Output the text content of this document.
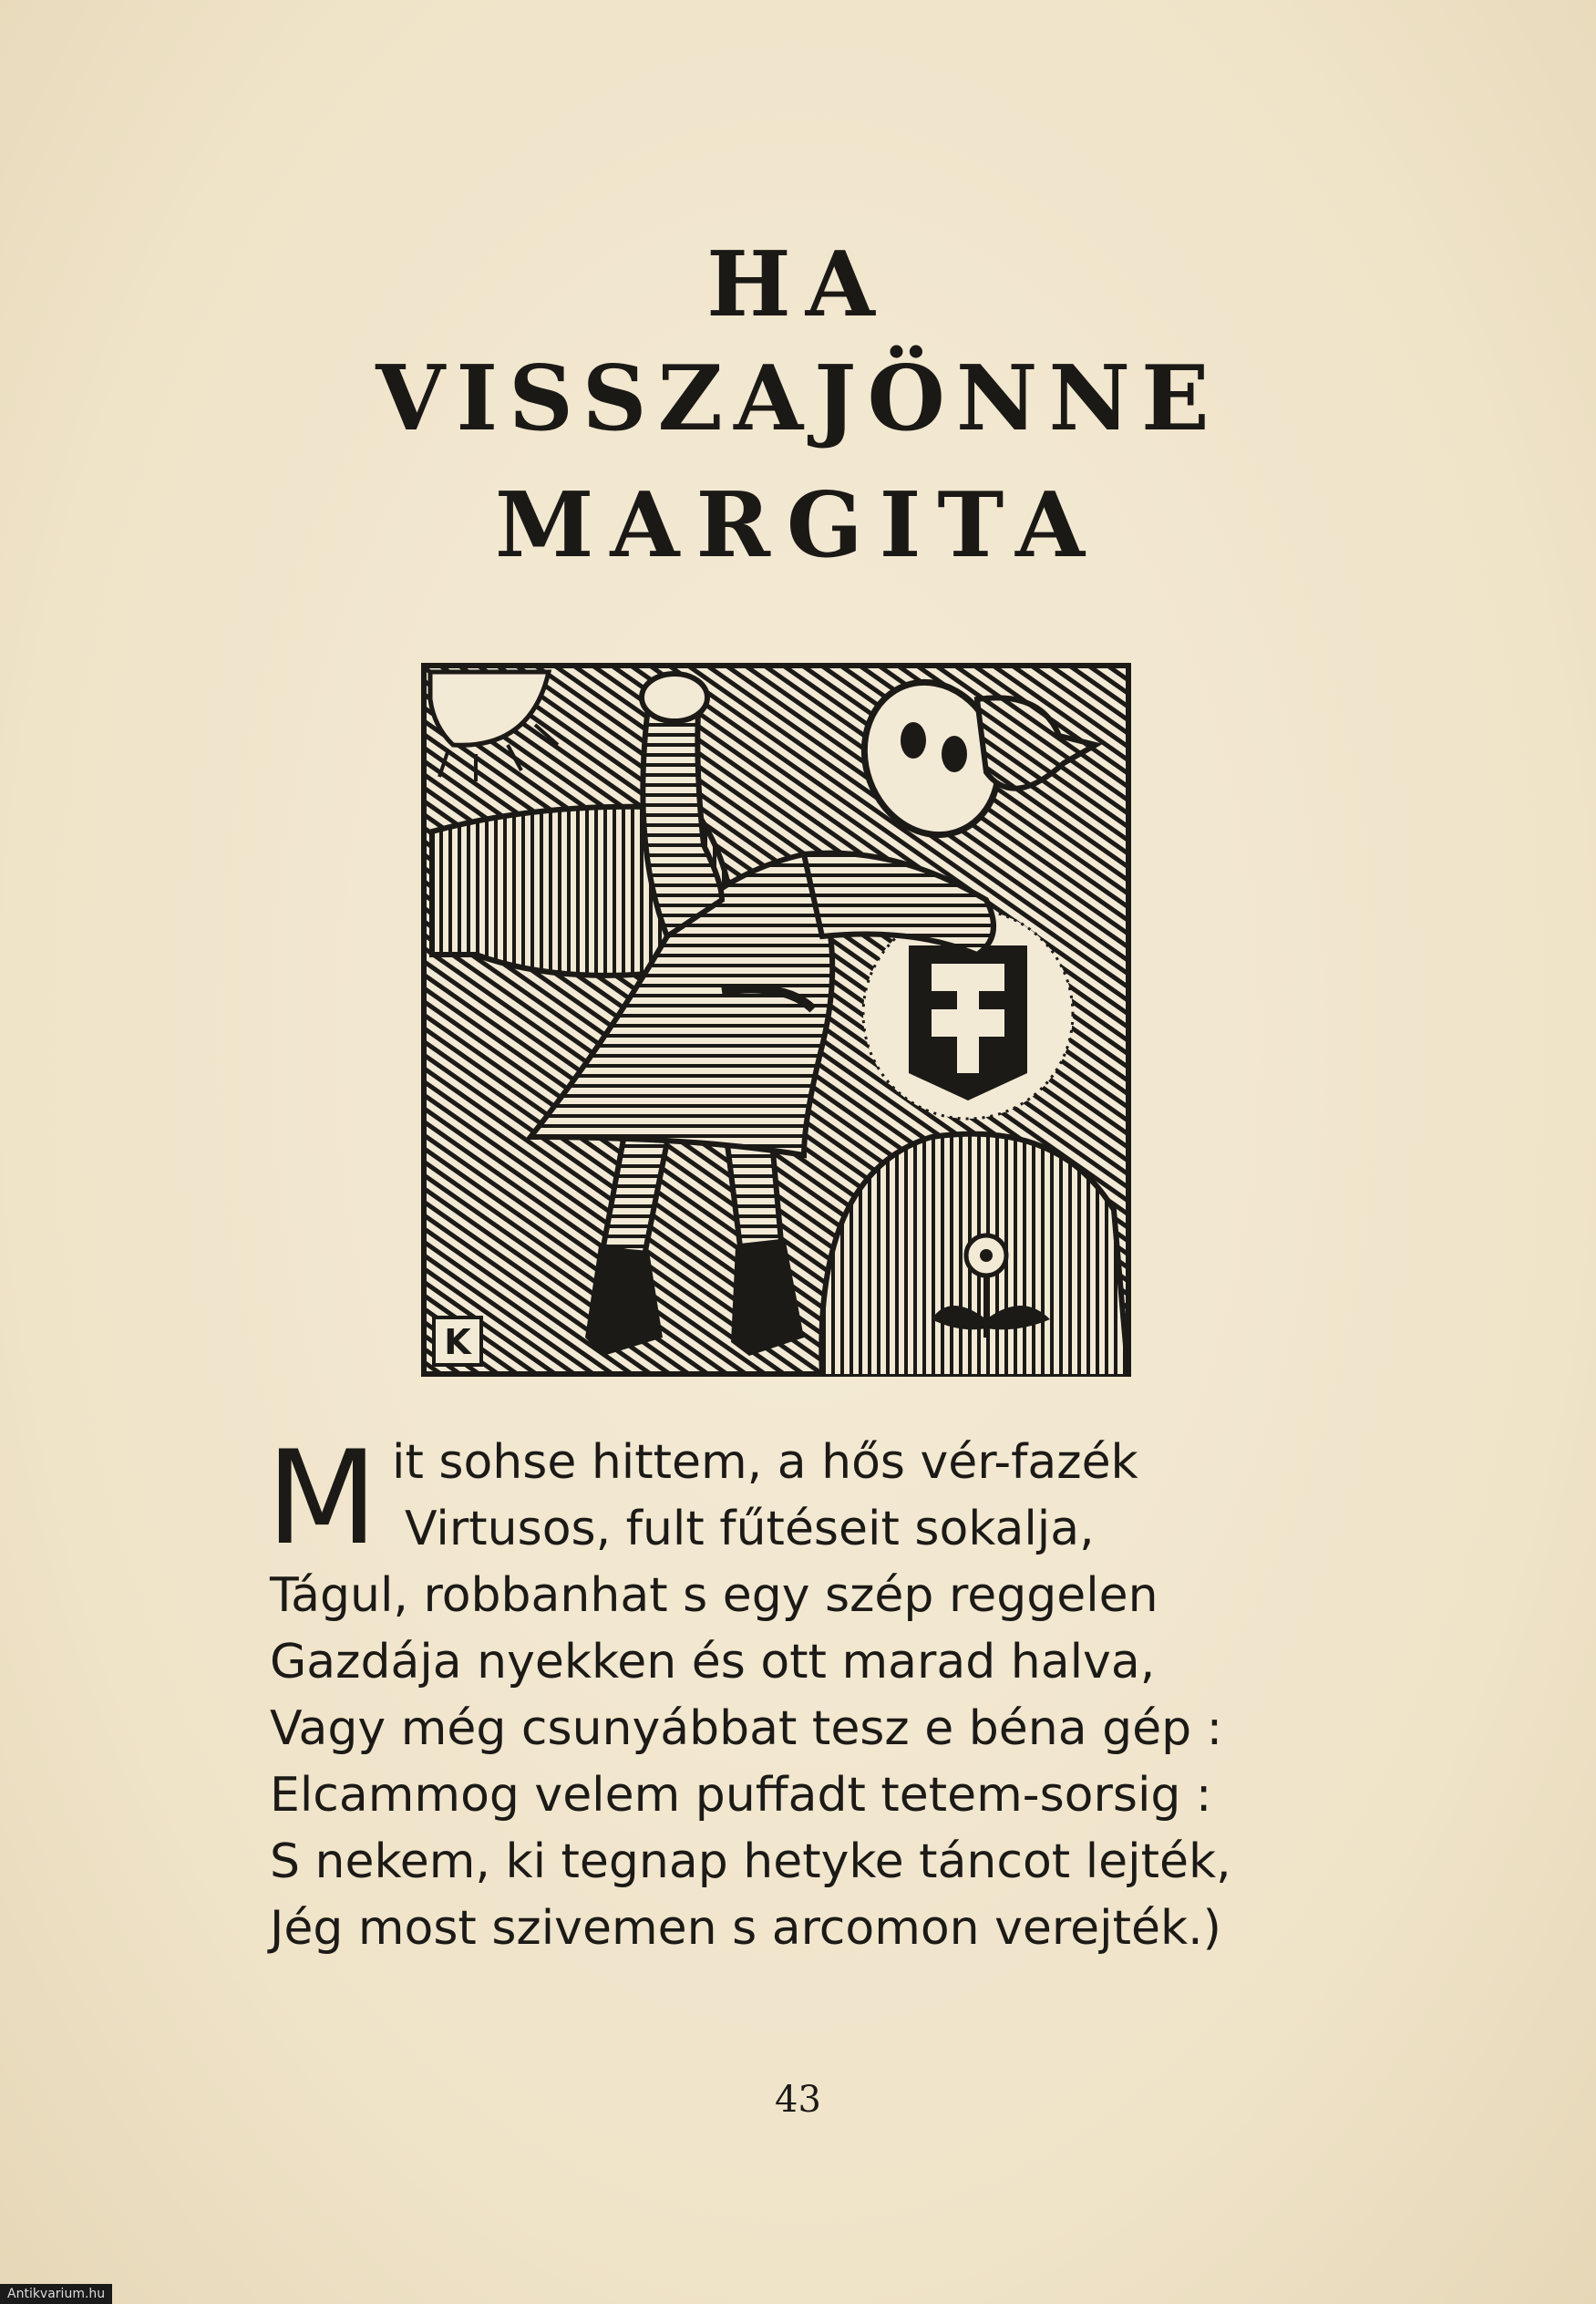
HA
VISSZAJÖNNE
MARGITA
K
M it sohse hittem, a hős vér-fazék
Virtusos, fult fűtéseit sokalja,
Tágul, robbanhat s egy szép reggelen
Gazdája nyekken és ott marad halva,
Vagy még csunyábbat tesz e béna gép :
Elcammog velem puffadt tetem-sorsig :
S nekem, ki tegnap hetyke táncot lejték,
Jég most szivemen s arcomon verejték.)
43
Antikvarium.hu
